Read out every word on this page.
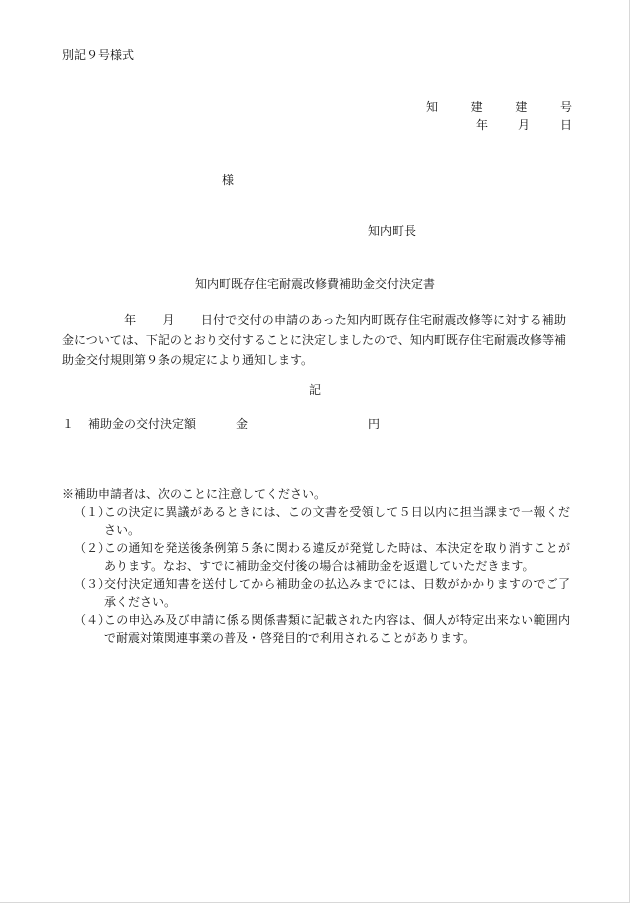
別記９号様式
知	建	建	号
年 月 日
様
知内町長
知内町既存住宅耐震改修費補助金交付決定書
年 月 日付で交付の申請のあった知内町既存住宅耐震改修等に対する補助金については、下記のとおり交付することに決定しましたので、知内町既存住宅耐震改修等補助金交付規則第９条の規定により通知します。
記
１ 補助金の交付決定額	金	円
※補助申請者は、次のことに注意してください。
（１）
この決定に異議があるときには、この文書を受領して５日以内に担当課まで一報ください。
（２）
この通知を発送後条例第５条に関わる違反が発覚した時は、本決定を取り消すことがあります。なお、すでに補助金交付後の場合は補助金を返還していただきます。
（３）
交付決定通知書を送付してから補助金の払込みまでには、日数がかかりますのでご了承ください。
（４）
この申込み及び申請に係る関係書類に記載された内容は、個人が特定出来ない範囲内で耐震対策関連事業の普及・啓発目的で利用されることがあります。
